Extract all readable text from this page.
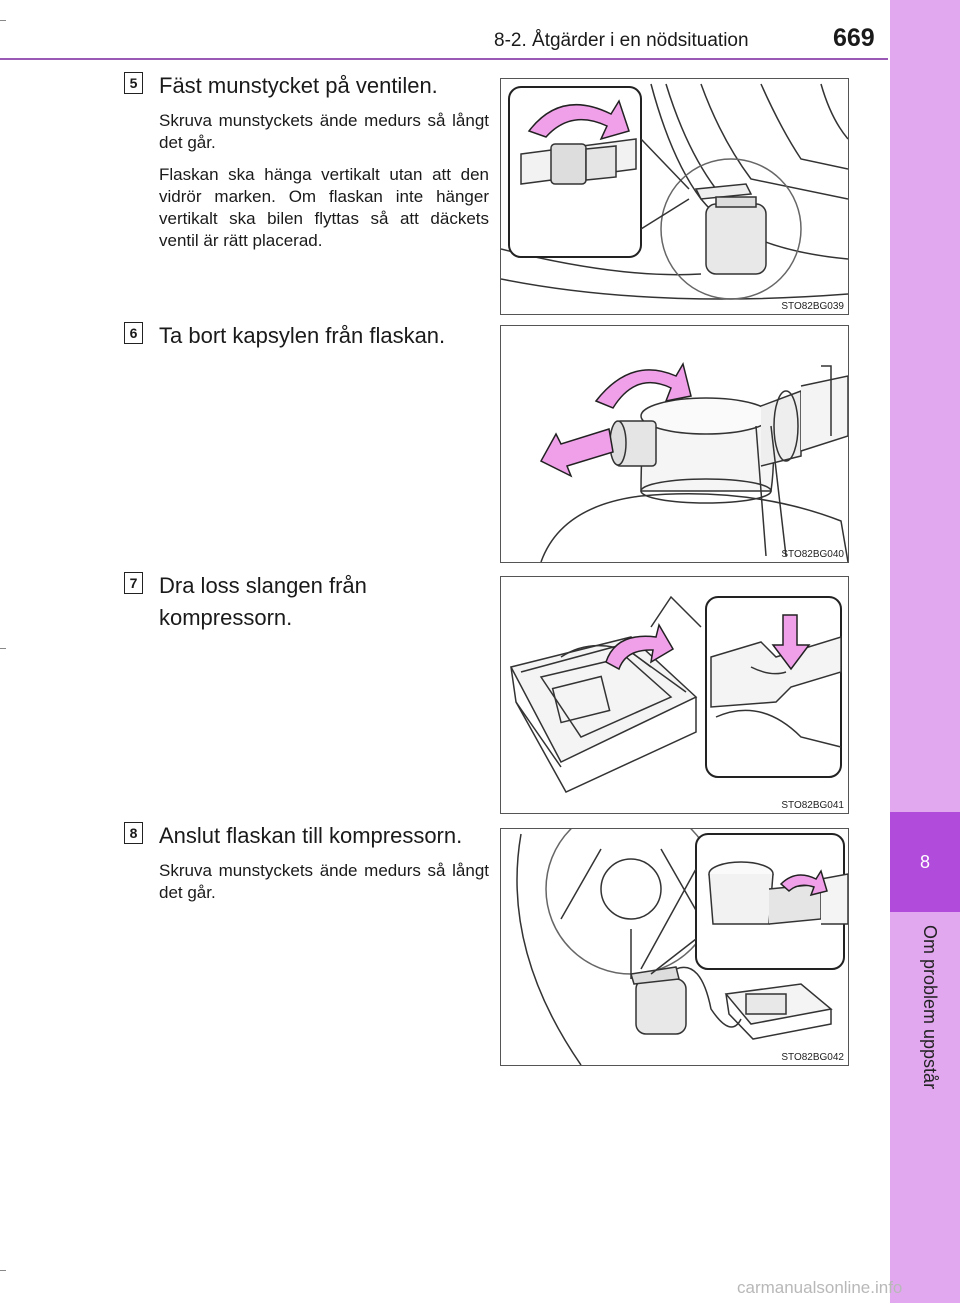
8-2. Åtgärder i en nödsituation	669
8
Om problem uppstår
5 Fäst munstycket på ventilen.

Skruva munstyckets ände medurs så långt det går.

Flaskan ska hänga vertikalt utan att den vidrör marken. Om flaskan inte hänger vertikalt ska bilen flyttas så att däckets ventil är rätt placerad.

STO82BG039
6 Ta bort kapsylen från flaskan.
STO82BG040
7 Dra loss slangen från kompressorn.
STO82BG041
8 Anslut flaskan till kompressorn.

Skruva munstyckets ände medurs så långt det går.

STO82BG042
carmanualsonline.info
